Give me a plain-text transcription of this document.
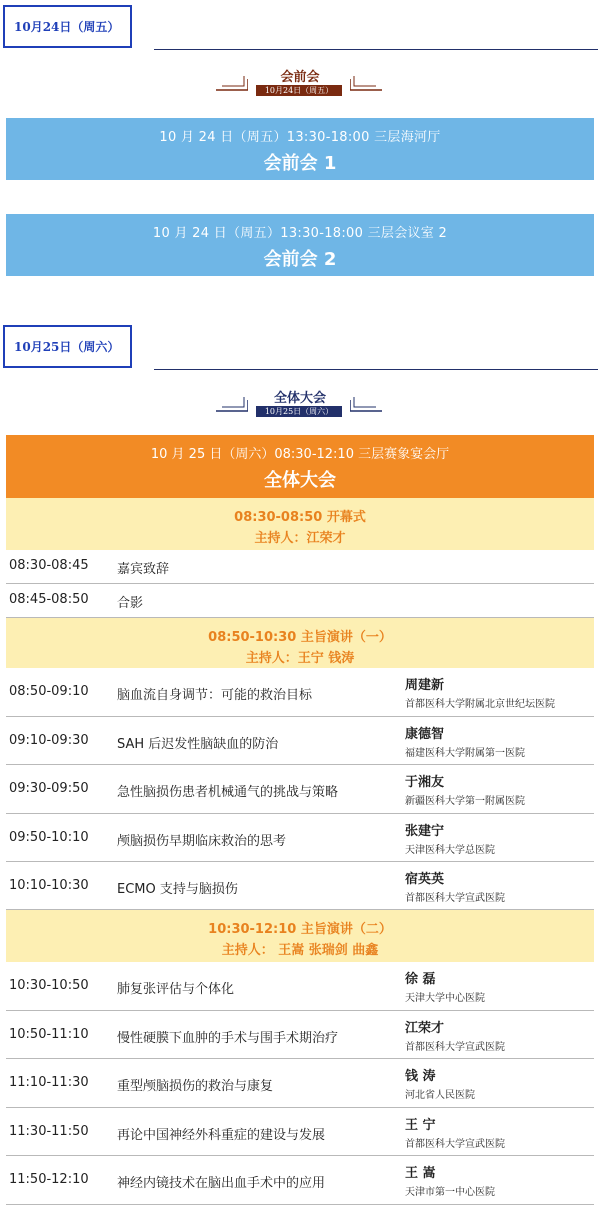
10月24日（周五）
会前会
10月24日（周五）
10 月 24 日（周五）13:30-18:00 三层海河厅
会前会 1
10 月 24 日（周五）13:30-18:00 三层会议室 2
会前会 2
10月25日（周六）
全体大会
10月25日（周六）
10 月 25 日（周六）08:30-12:10 三层赛象宴会厅
全体大会
08:30-08:50 开幕式
主持人：江荣才
08:30-08:45 嘉宾致辞
08:45-08:50 合影
08:50-10:30 主旨演讲（一）
主持人：王宁 钱涛
08:50-09:10 脑血流自身调节：可能的救治目标
周建新
首都医科大学附属北京世纪坛医院
09:10-09:30 SAH 后迟发性脑缺血的防治
康德智
福建医科大学附属第一医院
09:30-09:50 急性脑损伤患者机械通气的挑战与策略
于湘友
新疆医科大学第一附属医院
09:50-10:10 颅脑损伤早期临床救治的思考
张建宁
天津医科大学总医院
10:10-10:30 ECMO 支持与脑损伤
宿英英
首都医科大学宣武医院
10:30-12:10 主旨演讲（二）
主持人： 王嵩 张瑞剑 曲鑫
10:30-10:50 肺复张评估与个体化
徐 磊
天津大学中心医院
10:50-11:10 慢性硬膜下血肿的手术与围手术期治疗
江荣才
首都医科大学宣武医院
11:10-11:30 重型颅脑损伤的救治与康复
钱 涛
河北省人民医院
11:30-11:50 再论中国神经外科重症的建设与发展
王 宁
首都医科大学宣武医院
11:50-12:10 神经内镜技术在脑出血手术中的应用
王 嵩
天津市第一中心医院
